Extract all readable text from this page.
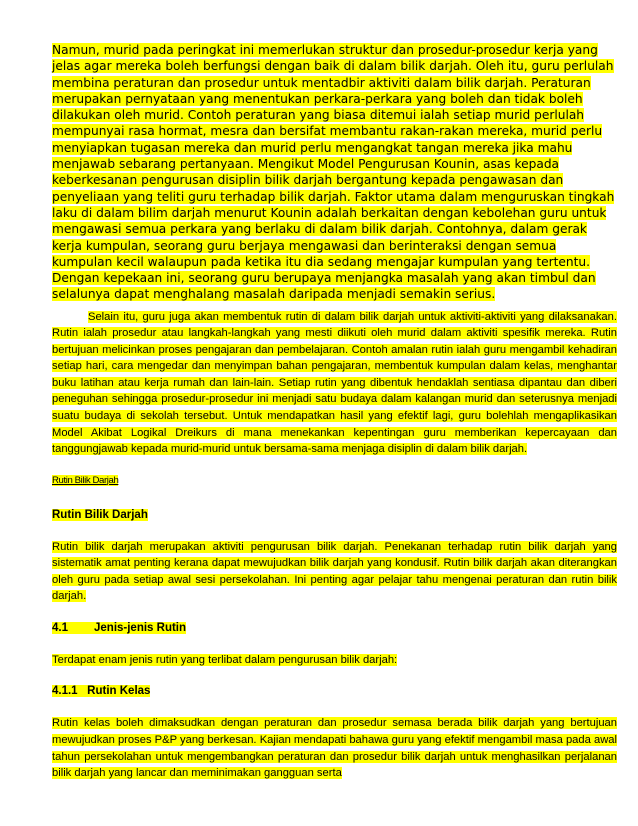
Namun, murid pada peringkat ini memerlukan struktur dan prosedur-prosedur kerja yang jelas agar mereka boleh berfungsi dengan baik di dalam bilik darjah. Oleh itu, guru perlulah membina peraturan dan prosedur untuk mentadbir aktiviti dalam bilik darjah. Peraturan merupakan pernyataan yang menentukan perkara-perkara yang boleh dan tidak boleh dilakukan oleh murid. Contoh peraturan yang biasa ditemui ialah setiap murid perlulah mempunyai rasa hormat, mesra dan bersifat membantu rakan-rakan mereka, murid perlu menyiapkan tugasan mereka dan murid perlu mengangkat tangan mereka jika mahu menjawab sebarang pertanyaan. Mengikut Model Pengurusan Kounin, asas kepada keberkesanan pengurusan disiplin bilik darjah bergantung kepada pengawasan dan penyeliaan yang teliti guru terhadap bilik darjah. Faktor utama dalam menguruskan tingkah laku di dalam bilim darjah menurut Kounin adalah berkaitan dengan kebolehan guru untuk mengawasi semua perkara yang berlaku di dalam bilik darjah. Contohnya, dalam gerak kerja kumpulan, seorang guru berjaya mengawasi dan berinteraksi dengan semua kumpulan kecil walaupun pada ketika itu dia sedang mengajar kumpulan yang tertentu. Dengan kepekaan ini, seorang guru berupaya menjangka masalah yang akan timbul dan selalunya dapat menghalang masalah daripada menjadi semakin serius.

Selain itu, guru juga akan membentuk rutin di dalam bilik darjah untuk aktiviti-aktiviti yang dilaksanakan. Rutin ialah prosedur atau langkah-langkah yang mesti diikuti oleh murid dalam aktiviti spesifik mereka. Rutin bertujuan melicinkan proses pengajaran dan pembelajaran. Contoh amalan rutin ialah guru mengambil kehadiran setiap hari, cara mengedar dan menyimpan bahan pengajaran, membentuk kumpulan dalam kelas, menghantar buku latihan atau kerja rumah dan lain-lain. Setiap rutin yang dibentuk hendaklah sentiasa dipantau dan diberi peneguhan sehingga prosedur-prosedur ini menjadi satu budaya dalam kalangan murid dan seterusnya menjadi suatu budaya di sekolah tersebut. Untuk mendapatkan hasil yang efektif lagi, guru bolehlah mengaplikasikan Model Akibat Logikal Dreikurs di mana menekankan kepentingan guru memberikan kepercayaan dan tanggungjawab kepada murid-murid untuk bersama-sama menjaga disiplin di dalam bilik darjah.

Rutin Bilik Darjah

Rutin Bilik Darjah

Rutin bilik darjah merupakan aktiviti pengurusan bilik darjah. Penekanan terhadap rutin bilik darjah yang sistematik amat penting kerana dapat mewujudkan bilik darjah yang kondusif. Rutin bilik darjah akan diterangkan oleh guru pada setiap awal sesi persekolahan. Ini penting agar pelajar tahu mengenai peraturan dan rutin bilik darjah.

4.1 Jenis-jenis Rutin

Terdapat enam jenis rutin yang terlibat dalam pengurusan bilik darjah:

4.1.1 Rutin Kelas

Rutin kelas boleh dimaksudkan dengan peraturan dan prosedur semasa berada bilik darjah yang bertujuan mewujudkan proses P&P yang berkesan. Kajian mendapati bahawa guru yang efektif mengambil masa pada awal tahun persekolahan untuk mengembangkan peraturan dan prosedur bilik darjah untuk menghasilkan perjalanan bilik darjah yang lancar dan meminimakan gangguan serta
